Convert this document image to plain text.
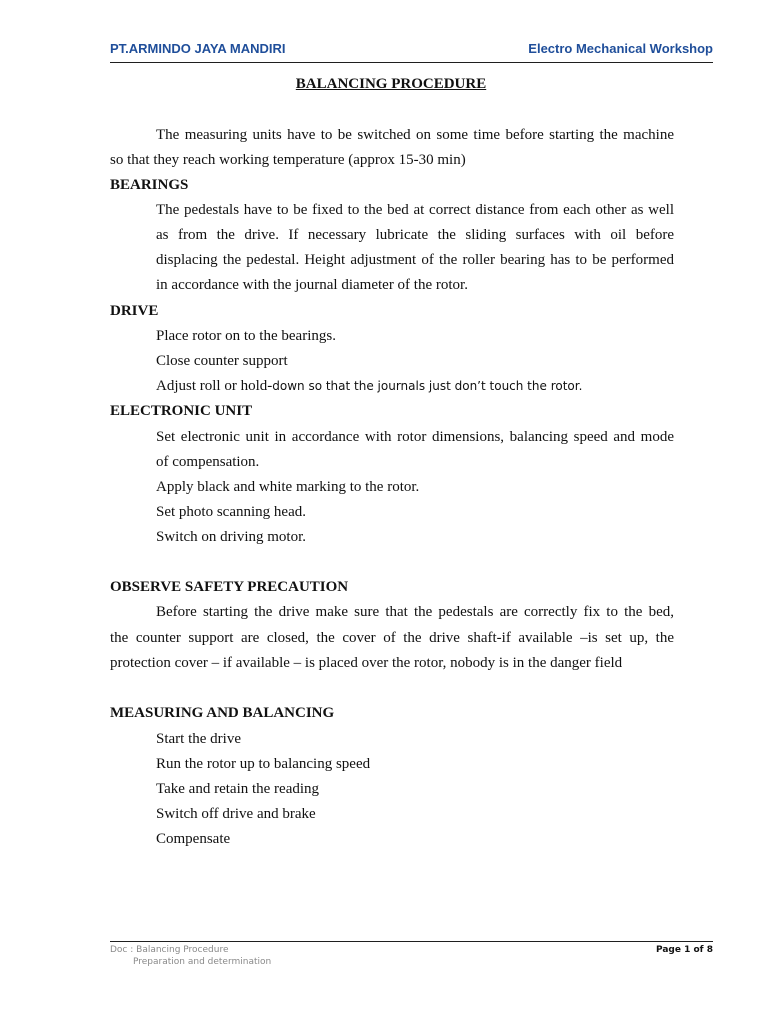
PT.ARMINDO JAYA MANDIRI	Electro Mechanical Workshop
BALANCING PROCEDURE
The measuring units have to be switched on some time before starting the machine
so that they reach working temperature (approx 15-30 min)
BEARINGS
The pedestals have to be fixed to the bed at correct distance from each other as well
as from the drive. If necessary lubricate the sliding surfaces with oil before
displacing the pedestal. Height adjustment of the roller bearing has to be performed
in accordance with the journal diameter of the rotor.
DRIVE
Place rotor on to the bearings.
Close counter support
Adjust roll or hold-down so that the journals just don’t touch the rotor.
ELECTRONIC UNIT
Set electronic unit in accordance with rotor dimensions, balancing speed and mode
of compensation.
Apply black and white marking to the rotor.
Set photo scanning head.
Switch on driving motor.
OBSERVE SAFETY PRECAUTION
Before starting the drive make sure that the pedestals are correctly fix to the bed,
the counter support are closed, the cover of the drive shaft-if available –is set up, the
protection cover – if available – is placed over the rotor, nobody is in the danger field
MEASURING AND BALANCING
Start the drive
Run the rotor up to balancing speed
Take and retain the reading
Switch off drive and brake
Compensate
Doc : Balancing Procedure
Preparation and determination
Page 1 of 8
